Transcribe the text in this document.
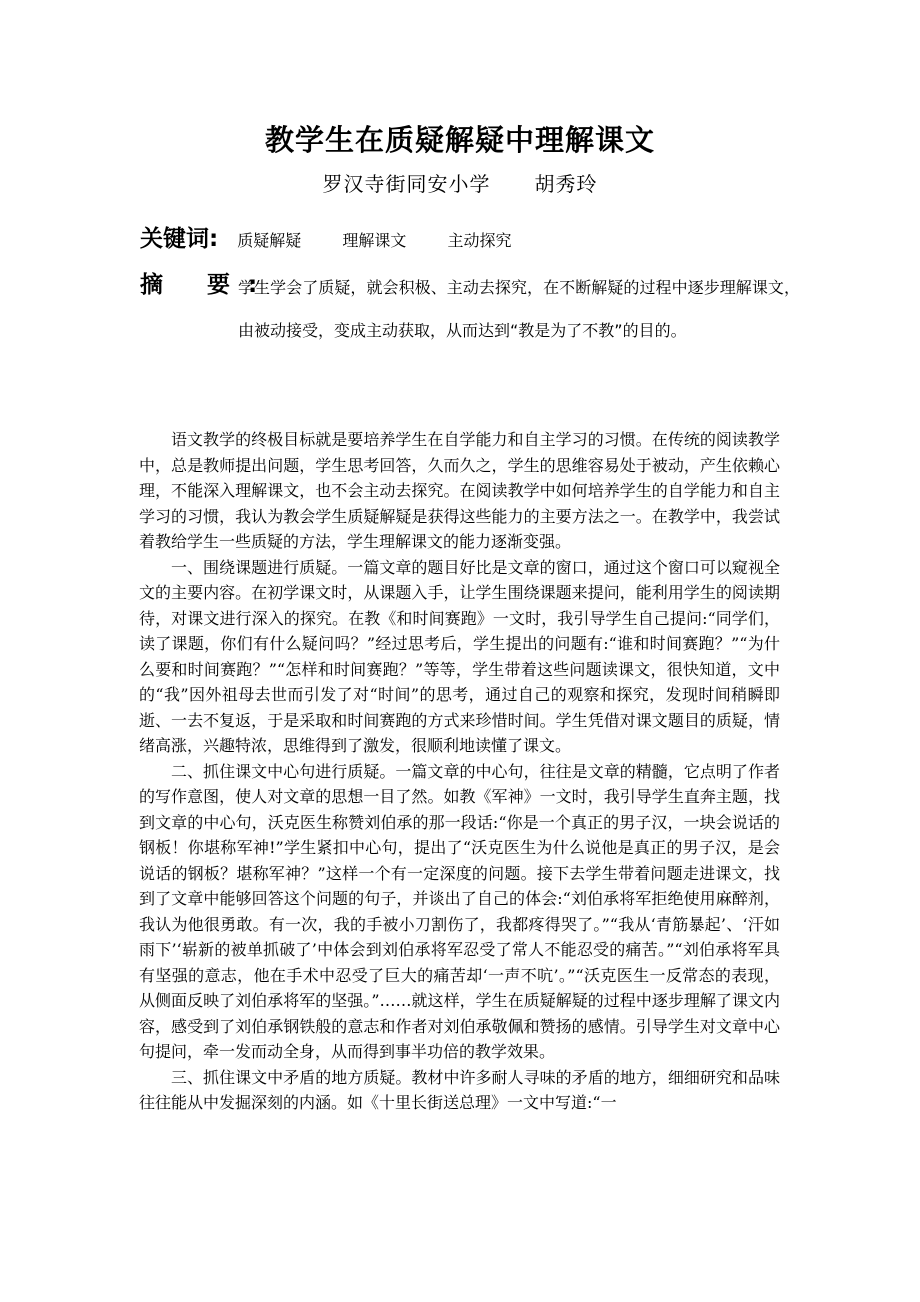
教学生在质疑解疑中理解课文
罗汉寺街同安小学 胡秀玲
关键词: 质疑解疑	理解课文	主动探究
摘 要:
学生学会了质疑，就会积极、主动去探究，在不断解疑的过程中逐步理解课文，由被动接受，变成主动获取，从而达到“教是为了不教”的目的。

语文教学的终极目标就是要培养学生在自学能力和自主学习的习惯。在传统的阅读教学中，总是教师提出问题，学生思考回答，久而久之，学生的思维容易处于被动，产生依赖心理，不能深入理解课文，也不会主动去探究。在阅读教学中如何培养学生的自学能力和自主学习的习惯，我认为教会学生质疑解疑是获得这些能力的主要方法之一。在教学中，我尝试着教给学生一些质疑的方法，学生理解课文的能力逐渐变强。

一、围绕课题进行质疑。一篇文章的题目好比是文章的窗口，通过这个窗口可以窥视全文的主要内容。在初学课文时，从课题入手，让学生围绕课题来提问，能利用学生的阅读期待，对课文进行深入的探究。在教《和时间赛跑》一文时，我引导学生自己提问:“同学们，读了课题，你们有什么疑问吗？”经过思考后，学生提出的问题有:“谁和时间赛跑？”“为什么要和时间赛跑？”“怎样和时间赛跑？”等等，学生带着这些问题读课文，很快知道，文中的“我”因外祖母去世而引发了对“时间”的思考，通过自己的观察和探究，发现时间稍瞬即逝、一去不复返，于是采取和时间赛跑的方式来珍惜时间。学生凭借对课文题目的质疑，情绪高涨，兴趣特浓，思维得到了激发，很顺利地读懂了课文。

二、抓住课文中心句进行质疑。一篇文章的中心句，往往是文章的精髓，它点明了作者的写作意图，使人对文章的思想一目了然。如教《军神》一文时，我引导学生直奔主题，找到文章的中心句，沃克医生称赞刘伯承的那一段话:“你是一个真正的男子汉，一块会说话的钢板！你堪称军神!”学生紧扣中心句，提出了“沃克医生为什么说他是真正的男子汉，是会说话的钢板？堪称军神？”这样一个有一定深度的问题。接下去学生带着问题走进课文，找到了文章中能够回答这个问题的句子，并谈出了自己的体会:“刘伯承将军拒绝使用麻醉剂，我认为他很勇敢。有一次，我的手被小刀割伤了，我都疼得哭了。”“我从‘青筋暴起’、‘汗如雨下’‘崭新的被单抓破了’中体会到刘伯承将军忍受了常人不能忍受的痛苦。”“刘伯承将军具有坚强的意志，他在手术中忍受了巨大的痛苦却‘一声不吭’。”“沃克医生一反常态的表现，从侧面反映了刘伯承将军的坚强。”……就这样，学生在质疑解疑的过程中逐步理解了课文内容，感受到了刘伯承钢铁般的意志和作者对刘伯承敬佩和赞扬的感情。引导学生对文章中心句提问，牵一发而动全身，从而得到事半功倍的教学效果。

三、抓住课文中矛盾的地方质疑。教材中许多耐人寻味的矛盾的地方，细细研究和品味往往能从中发掘深刻的内涵。如《十里长街送总理》一文中写道:“一
